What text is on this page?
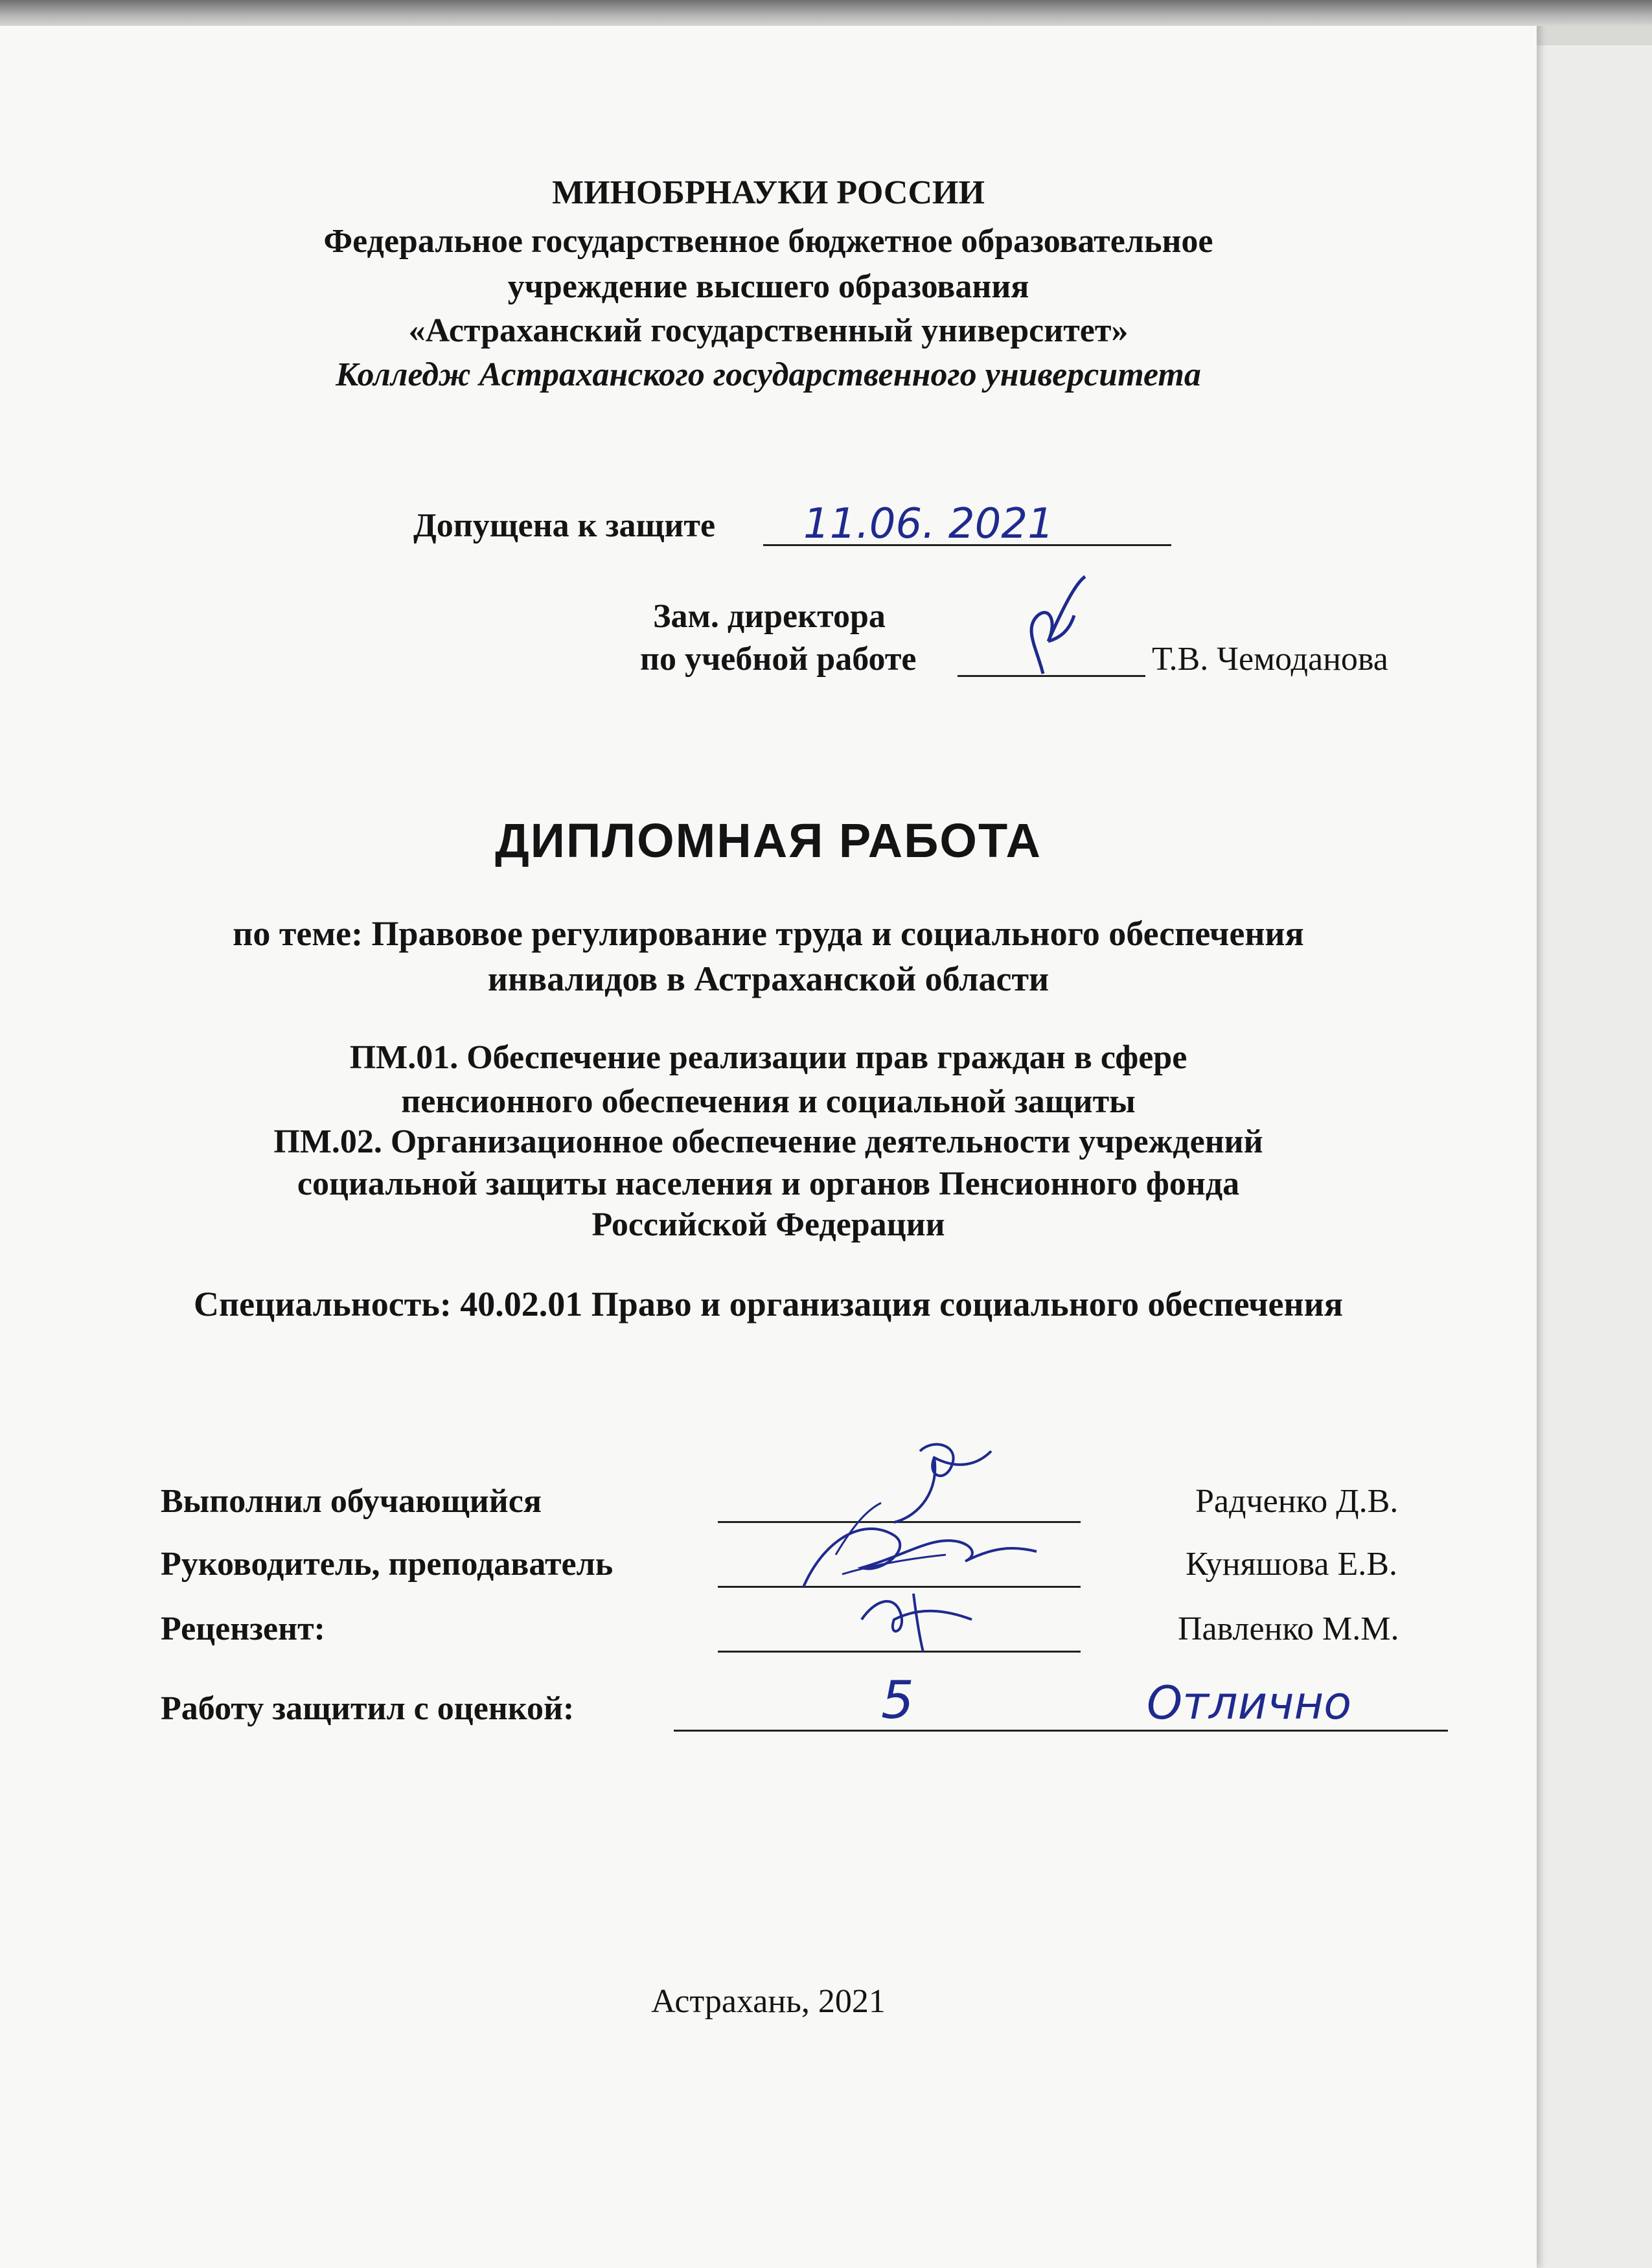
МИНОБРНАУКИ РОССИИ
Федеральное государственное бюджетное образовательное
учреждение высшего образования
«Астраханский государственный университет»
Колледж Астраханского государственного университета
Допущена к защите 11.06. 2021
Зам. директора
по учебной работе	Т.В. Чемоданова
ДИПЛОМНАЯ РАБОТА
по теме: Правовое регулирование труда и социального обеспечения
инвалидов в Астраханской области
ПМ.01. Обеспечение реализации прав граждан в сфере
пенсионного обеспечения и социальной защиты
ПМ.02. Организационное обеспечение деятельности учреждений
социальной защиты населения и органов Пенсионного фонда
Российской Федерации
Специальность: 40.02.01 Право и организация социального обеспечения
Выполнил обучающийся	Радченко Д.В.
Руководитель, преподаватель	Куняшова Е.В.
Рецензент:	Павленко М.М.
Работу защитил с оценкой:	5	Отлично
Астрахань, 2021
